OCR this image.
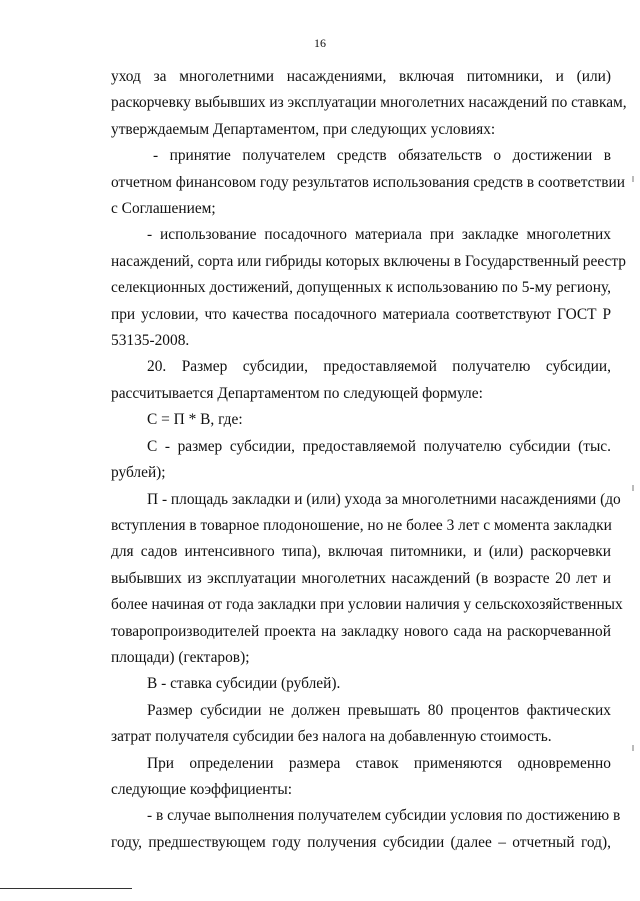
16

уход за многолетними насаждениями, включая питомники, и (или)
раскорчевку выбывших из эксплуатации многолетних насаждений по ставкам,
утверждаемым Департаментом, при следующих условиях:

- принятие получателем средств обязательств о достижении в
отчетном финансовом году результатов использования средств в соответствии
с Соглашением;

- использование посадочного материала при закладке многолетних
насаждений, сорта или гибриды которых включены в Государственный реестр
селекционных достижений, допущенных к использованию по 5-му региону,
при условии, что качества посадочного материала соответствуют ГОСТ Р
53135-2008.

20. Размер субсидии, предоставляемой получателю субсидии,
рассчитывается Департаментом по следующей формуле:

С = П * В, где:

С - размер субсидии, предоставляемой получателю субсидии (тыс.
рублей);

П - площадь закладки и (или) ухода за многолетними насаждениями (до
вступления в товарное плодоношение, но не более 3 лет с момента закладки
для садов интенсивного типа), включая питомники, и (или) раскорчевки
выбывших из эксплуатации многолетних насаждений (в возрасте 20 лет и
более начиная от года закладки при условии наличия у сельскохозяйственных
товаропроизводителей проекта на закладку нового сада на раскорчеванной
площади) (гектаров);

В - ставка субсидии (рублей).

Размер субсидии не должен превышать 80 процентов фактических
затрат получателя субсидии без налога на добавленную стоимость.

При определении размера ставок применяются одновременно
следующие коэффициенты:

- в случае выполнения получателем субсидии условия по достижению в
году, предшествующем году получения субсидии (далее – отчетный год),
